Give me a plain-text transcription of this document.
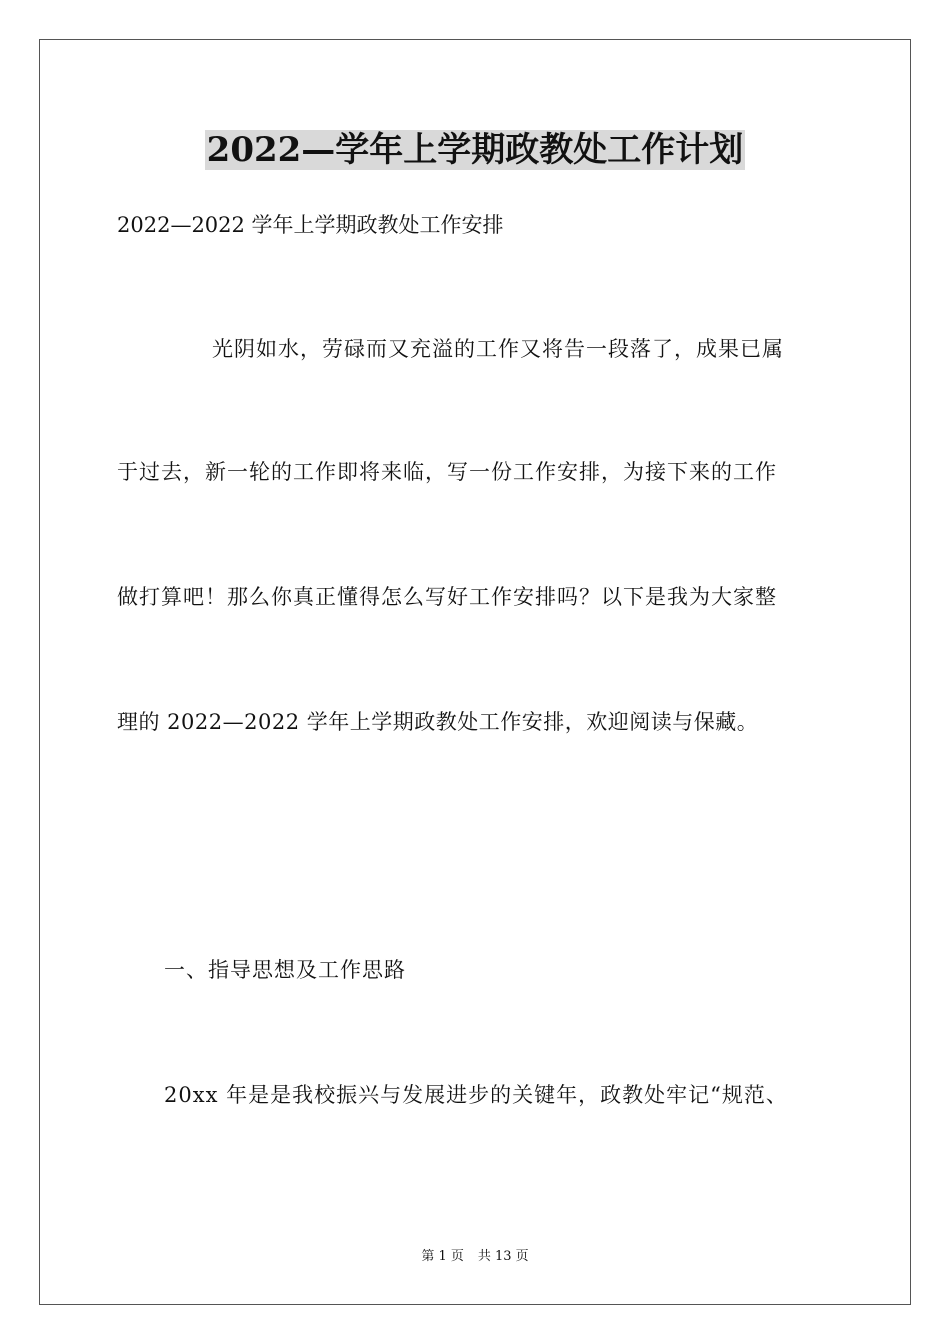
2022—学年上学期政教处工作计划
2022—2022 学年上学期政教处工作安排
光阴如水，劳碌而又充溢的工作又将告一段落了，成果已属
于过去，新一轮的工作即将来临，写一份工作安排，为接下来的工作
做打算吧！那么你真正懂得怎么写好工作安排吗？以下是我为大家整
理的 2022—2022 学年上学期政教处工作安排，欢迎阅读与保藏。
一、指导思想及工作思路
20xx 年是是我校振兴与发展进步的关键年，政教处牢记“规范、
第 1 页 共 13 页
